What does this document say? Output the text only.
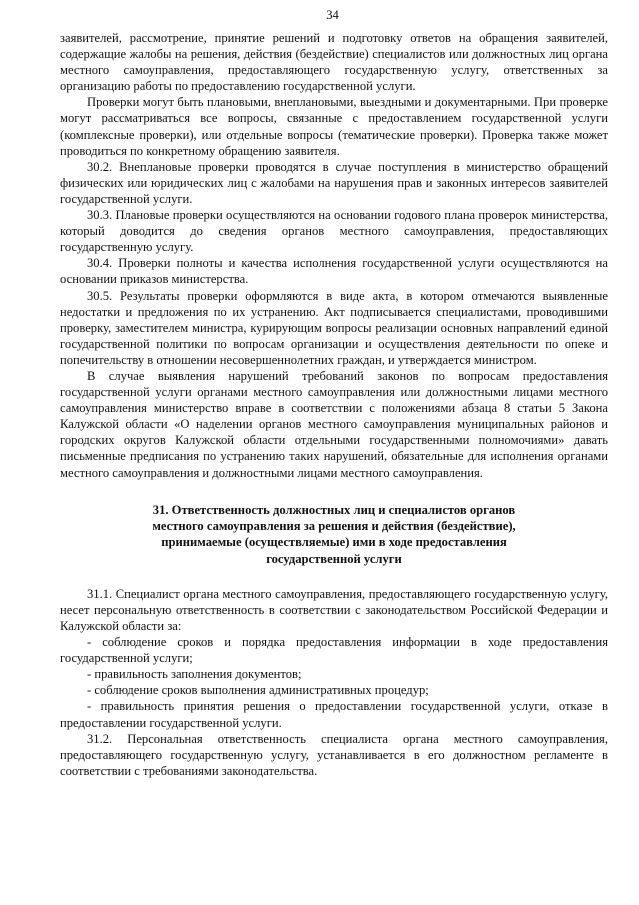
34

заявителей, рассмотрение, принятие решений и подготовку ответов на обращения заявителей, содержащие жалобы на решения, действия (бездействие) специалистов или должностных лиц органа местного самоуправления, предоставляющего государственную услугу, ответственных за организацию работы по предоставлению государственной услуги.

Проверки могут быть плановыми, внеплановыми, выездными и документарными. При проверке могут рассматриваться все вопросы, связанные с предоставлением государственной услуги (комплексные проверки), или отдельные вопросы (тематические проверки). Проверка также может проводиться по конкретному обращению заявителя.

30.2. Внеплановые проверки проводятся в случае поступления в министерство обращений физических или юридических лиц с жалобами на нарушения прав и законных интересов заявителей государственной услуги.

30.3. Плановые проверки осуществляются на основании годового плана проверок министерства, который доводится до сведения органов местного самоуправления, предоставляющих государственную услугу.

30.4. Проверки полноты и качества исполнения государственной услуги осуществляются на основании приказов министерства.

30.5. Результаты проверки оформляются в виде акта, в котором отмечаются выявленные недостатки и предложения по их устранению. Акт подписывается специалистами, проводившими проверку, заместителем министра, курирующим вопросы реализации основных направлений единой государственной политики по вопросам организации и осуществления деятельности по опеке и попечительству в отношении несовершеннолетних граждан, и утверждается министром.

В случае выявления нарушений требований законов по вопросам предоставления государственной услуги органами местного самоуправления или должностными лицами местного самоуправления министерство вправе в соответствии с положениями абзаца 8 статьи 5 Закона Калужской области «О наделении органов местного самоуправления муниципальных районов и городских округов Калужской области отдельными государственными полномочиями» давать письменные предписания по устранению таких нарушений, обязательные для исполнения органами местного самоуправления и должностными лицами местного самоуправления.

31. Ответственность должностных лиц и специалистов органов
местного самоуправления за решения и действия (бездействие),
принимаемые (осуществляемые) ими в ходе предоставления
государственной услуги

31.1. Специалист органа местного самоуправления, предоставляющего государственную услугу, несет персональную ответственность в соответствии с законодательством Российской Федерации и Калужской области за:

- соблюдение сроков и порядка предоставления информации в ходе предоставления государственной услуги;

- правильность заполнения документов;

- соблюдение сроков выполнения административных процедур;

- правильность принятия решения о предоставлении государственной услуги, отказе в предоставлении государственной услуги.

31.2. Персональная ответственность специалиста органа местного самоуправления, предоставляющего государственную услугу, устанавливается в его должностном регламенте в соответствии с требованиями законодательства.
